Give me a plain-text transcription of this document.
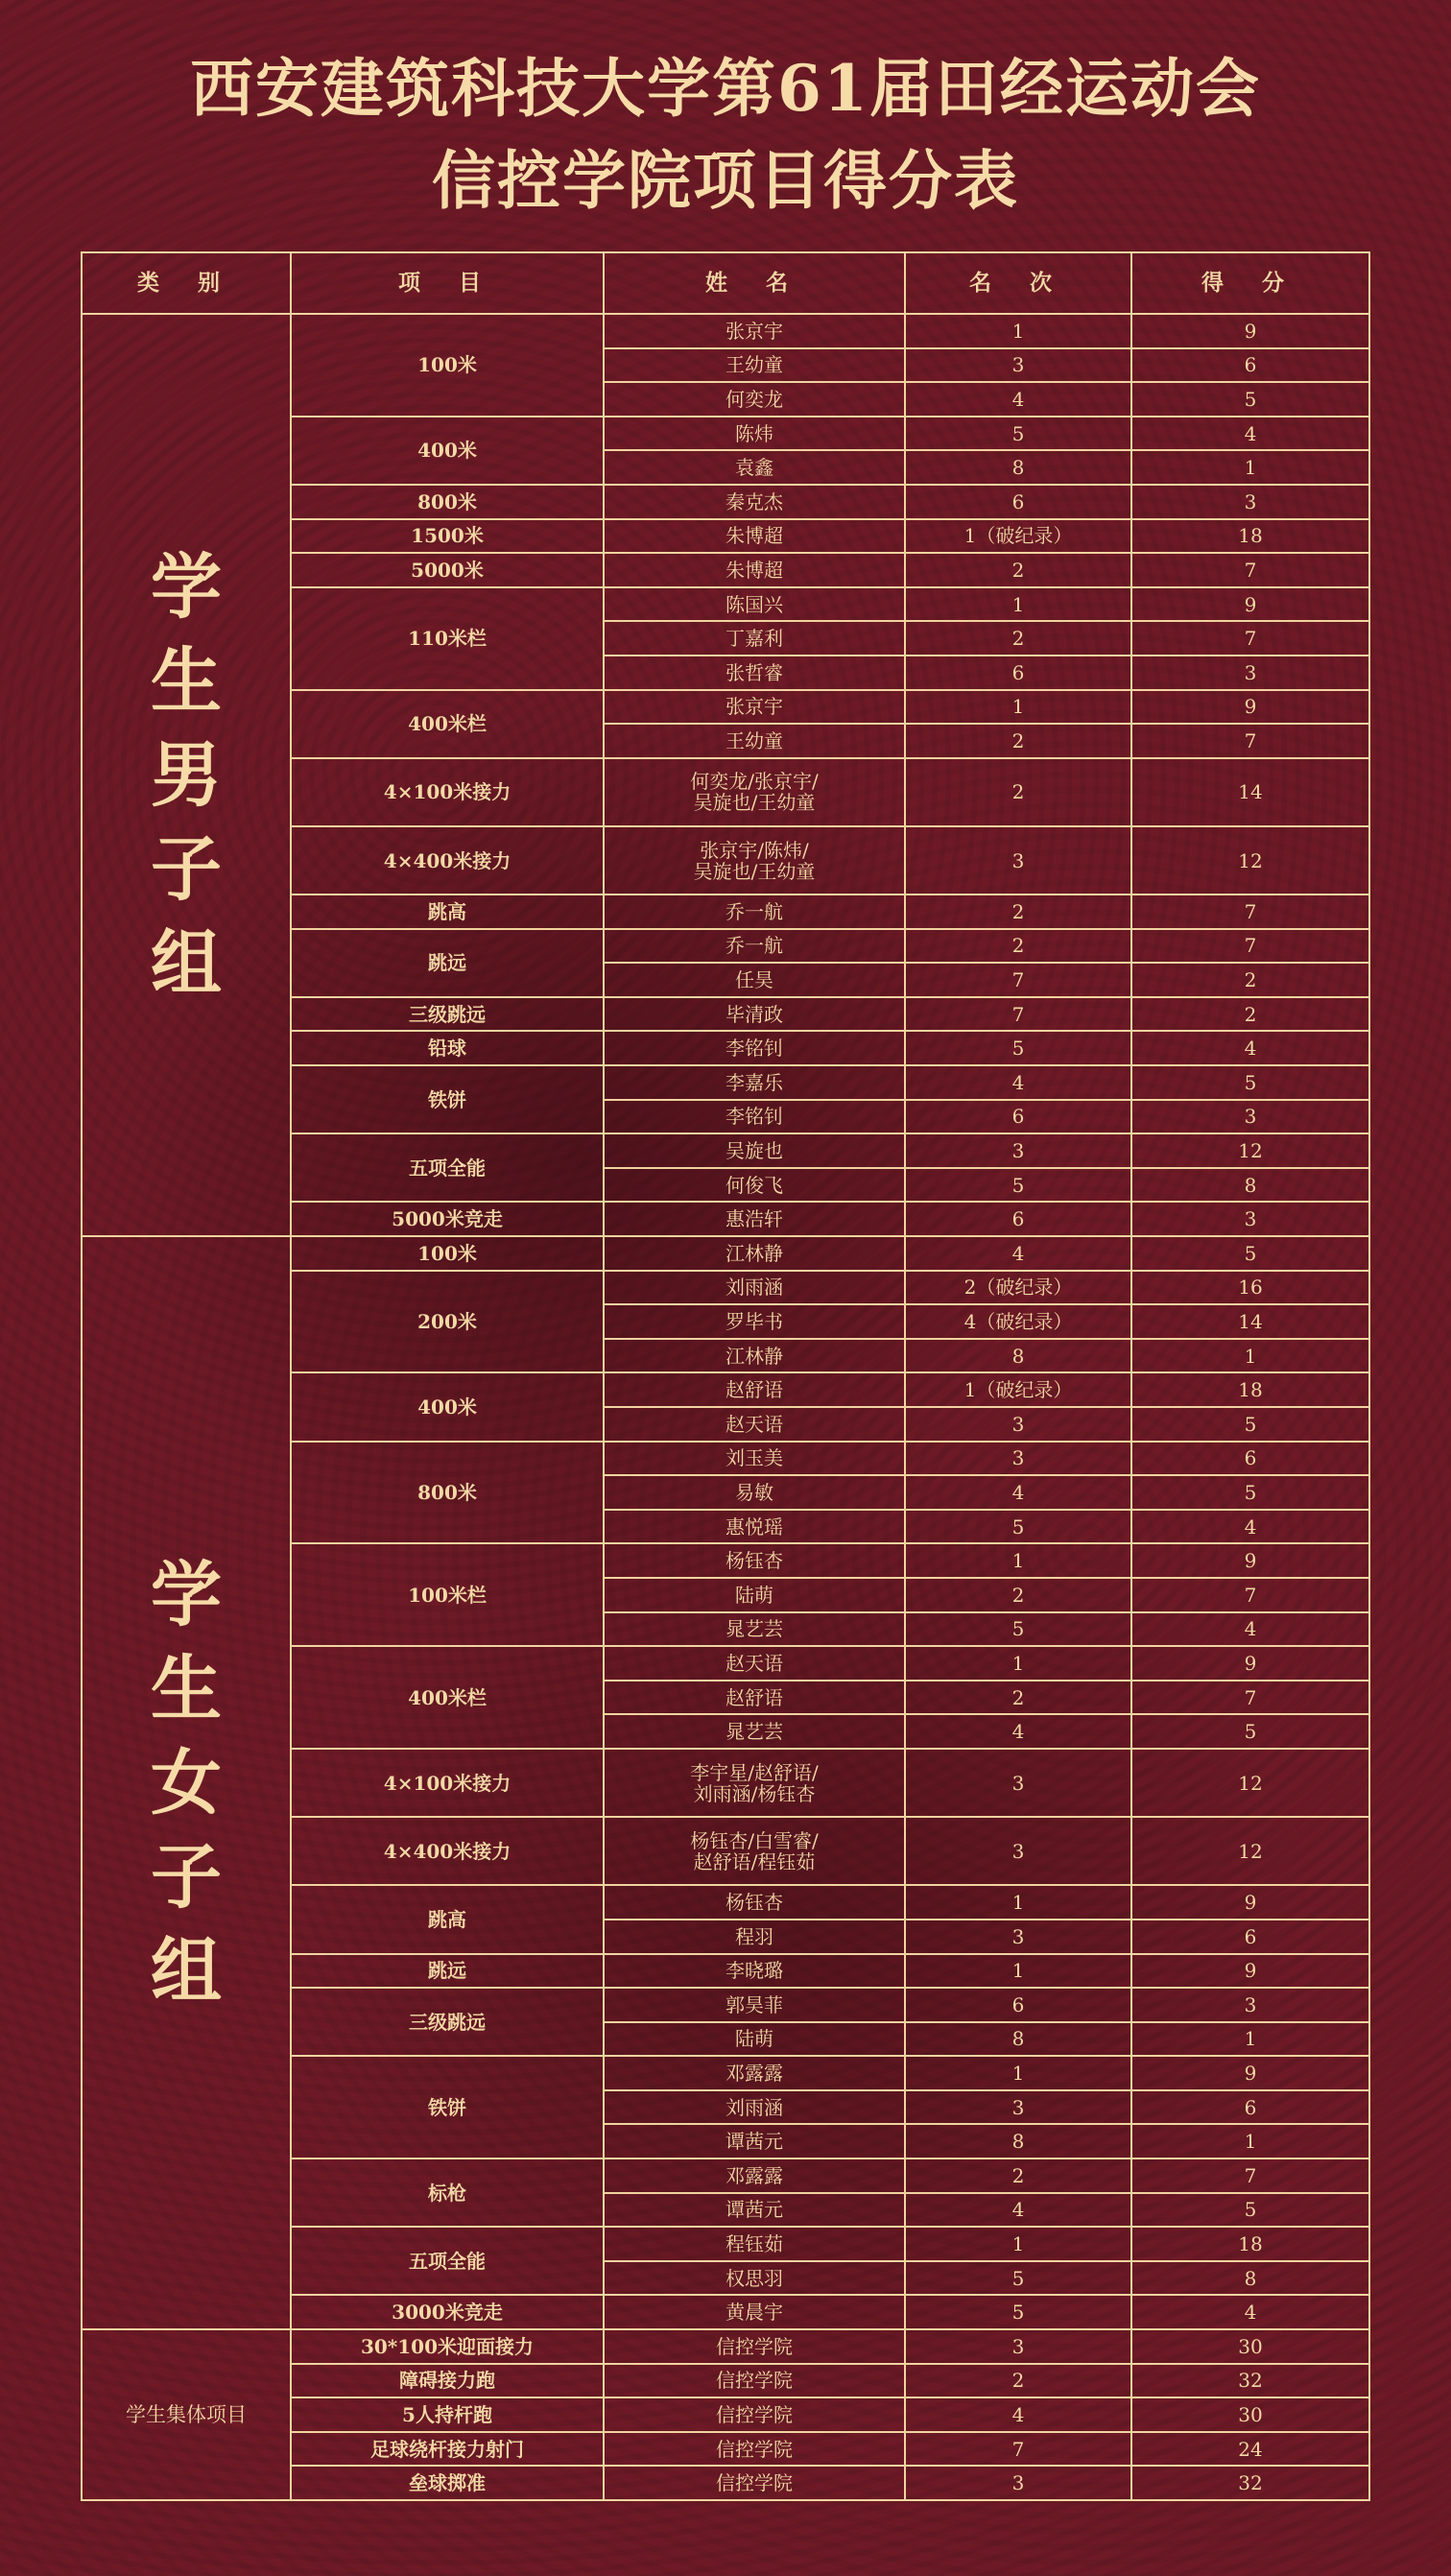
西安建筑科技大学第61届田经运动会
信控学院项目得分表
类 别	项 目	姓 名	名 次	得 分
学
生
男
子
组	100米	张京宇	1	9
		王幼童	3	6
		何奕龙	4	5
	400米	陈炜	5	4
		袁鑫	8	1
	800米	秦克杰	6	3
	1500米	朱博超	1（破纪录）	18
	5000米	朱博超	2	7
	110米栏	陈国兴	1	9
		丁嘉利	2	7
		张哲睿	6	3
	400米栏	张京宇	1	9
		王幼童	2	7
	4×100米接力	何奕龙/张京宇/
吴旋也/王幼童	2	14
	4×400米接力	张京宇/陈炜/
吴旋也/王幼童	3	12
	跳高	乔一航	2	7
	跳远	乔一航	2	7
		任昊	7	2
	三级跳远	毕清政	7	2
	铅球	李铭钊	5	4
	铁饼	李嘉乐	4	5
		李铭钊	6	3
	五项全能	吴旋也	3	12
		何俊飞	5	8
	5000米竞走	惠浩轩	6	3
学
生
女
子
组	100米	江林静	4	5
	200米	刘雨涵	2（破纪录）	16
		罗毕书	4（破纪录）	14
		江林静	8	1
	400米	赵舒语	1（破纪录）	18
		赵天语	3	5
	800米	刘玉美	3	6
		易敏	4	5
		惠悦瑶	5	4
	100米栏	杨钰杏	1	9
		陆萌	2	7
		晁艺芸	5	4
	400米栏	赵天语	1	9
		赵舒语	2	7
		晁艺芸	4	5
	4×100米接力	李宇星/赵舒语/
刘雨涵/杨钰杏	3	12
	4×400米接力	杨钰杏/白雪睿/
赵舒语/程钰茹	3	12
	跳高	杨钰杏	1	9
		程羽	3	6
	跳远	李晓璐	1	9
	三级跳远	郭昊菲	6	3
		陆萌	8	1
	铁饼	邓露露	1	9
		刘雨涵	3	6
		谭茜元	8	1
	标枪	邓露露	2	7
		谭茜元	4	5
	五项全能	程钰茹	1	18
		权思羽	5	8
	3000米竞走	黄晨宇	5	4
学生集体项目	30*100米迎面接力	信控学院	3	30
	障碍接力跑	信控学院	2	32
	5人持杆跑	信控学院	4	30
	足球绕杆接力射门	信控学院	7	24
	垒球掷准	信控学院	3	32
